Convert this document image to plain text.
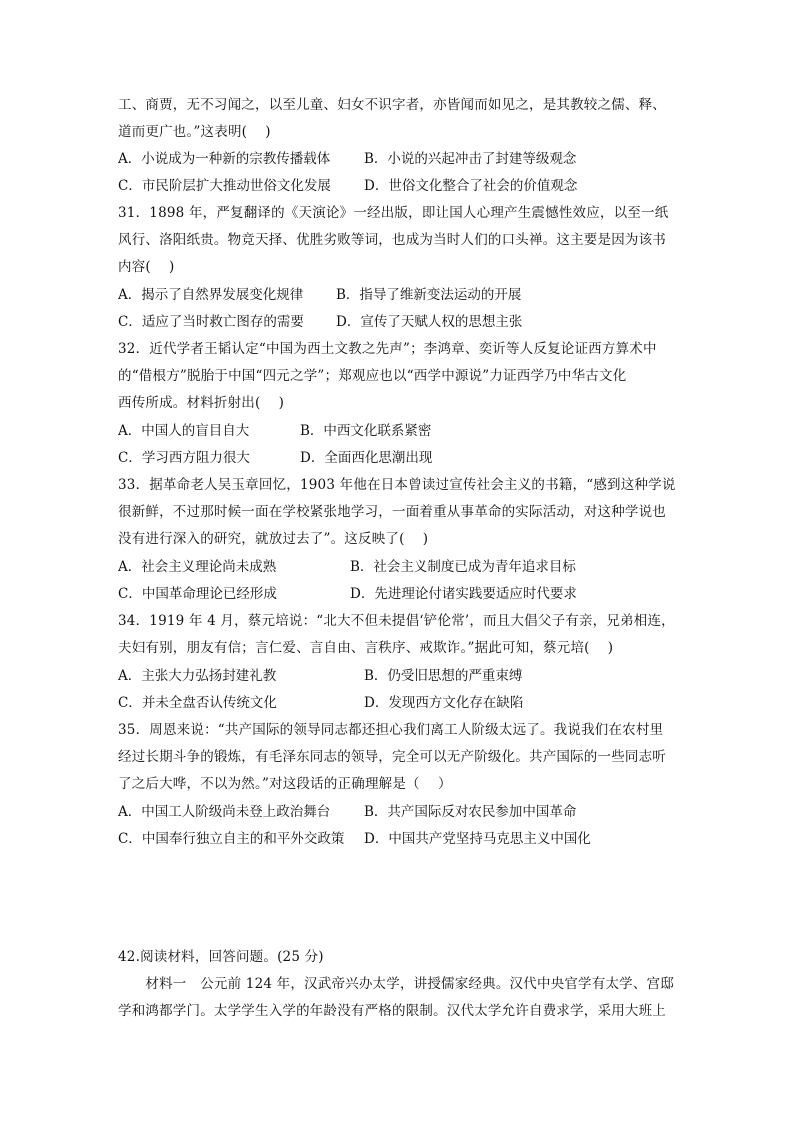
工、商贾，无不习闻之，以至儿童、妇女不识字者，亦皆闻而如见之，是其教较之儒、释、
道而更广也。”这表明(　 )
A．小说成为一种新的宗教传播载体	B．小说的兴起冲击了封建等级观念
C．市民阶层扩大推动世俗文化发展 D．世俗文化整合了社会的价值观念
31．1898 年，严复翻译的《天演论》一经出版，即让国人心理产生震憾性效应，以至一纸
风行、洛阳纸贵。物竞天择、优胜劣败等词，也成为当时人们的口头禅。这主要是因为该书
内容(　 )
A．揭示了自然界发展变化规律 B．指导了维新变法运动的开展
C．适应了当时救亡图存的需要 D．宣传了天赋人权的思想主张
32．近代学者王韬认定“中国为西土文教之先声”；李鸿章、奕䜣等人反复论证西方算术中
的“借根方”脱胎于中国“四元之学”；郑观应也以“西学中源说”力证西学乃中华古文化
西传所成。材料折射出(　 )
A．中国人的盲目自大	B．中西文化联系紧密
C．学习西方阻力很大	D．全面西化思潮出现
33．据革命老人吴玉章回忆，1903 年他在日本曾读过宣传社会主义的书籍，“感到这种学说
很新鲜，不过那时候一面在学校紧张地学习，一面着重从事革命的实际活动，对这种学说也
没有进行深入的研究，就放过去了”。这反映了(　 )
A．社会主义理论尚未成熟	B．社会主义制度已成为青年追求目标
C．中国革命理论已经形成	D．先进理论付诸实践要适应时代要求
34．1919 年 4 月，蔡元培说：“北大不但未提倡‘铲伦常’，而且大倡父子有亲，兄弟相连，
夫妇有别，朋友有信；言仁爱、言自由、言秩序、戒欺诈。”据此可知，蔡元培(　 )
A．主张大力弘扬封建礼教	B．仍受旧思想的严重束缚
C．并未全盘否认传统文化	D．发现西方文化存在缺陷
35．周恩来说：“共产国际的领导同志都还担心我们离工人阶级太远了。我说我们在农村里
经过长期斗争的锻炼，有毛泽东同志的领导，完全可以无产阶级化。共产国际的一些同志听
了之后大哗，不以为然。”对这段话的正确理解是（　 ）
A．中国工人阶级尚未登上政治舞台	B．共产国际反对农民参加中国革命
C．中国奉行独立自主的和平外交政策 D．中国共产党坚持马克思主义中国化
42.阅读材料，回答问题。(25 分)
　　材料一　公元前 124 年，汉武帝兴办太学，讲授儒家经典。汉代中央官学有太学、宫邸
学和鸿都学门。太学学生入学的年龄没有严格的限制。汉代太学允许自费求学，采用大班上
